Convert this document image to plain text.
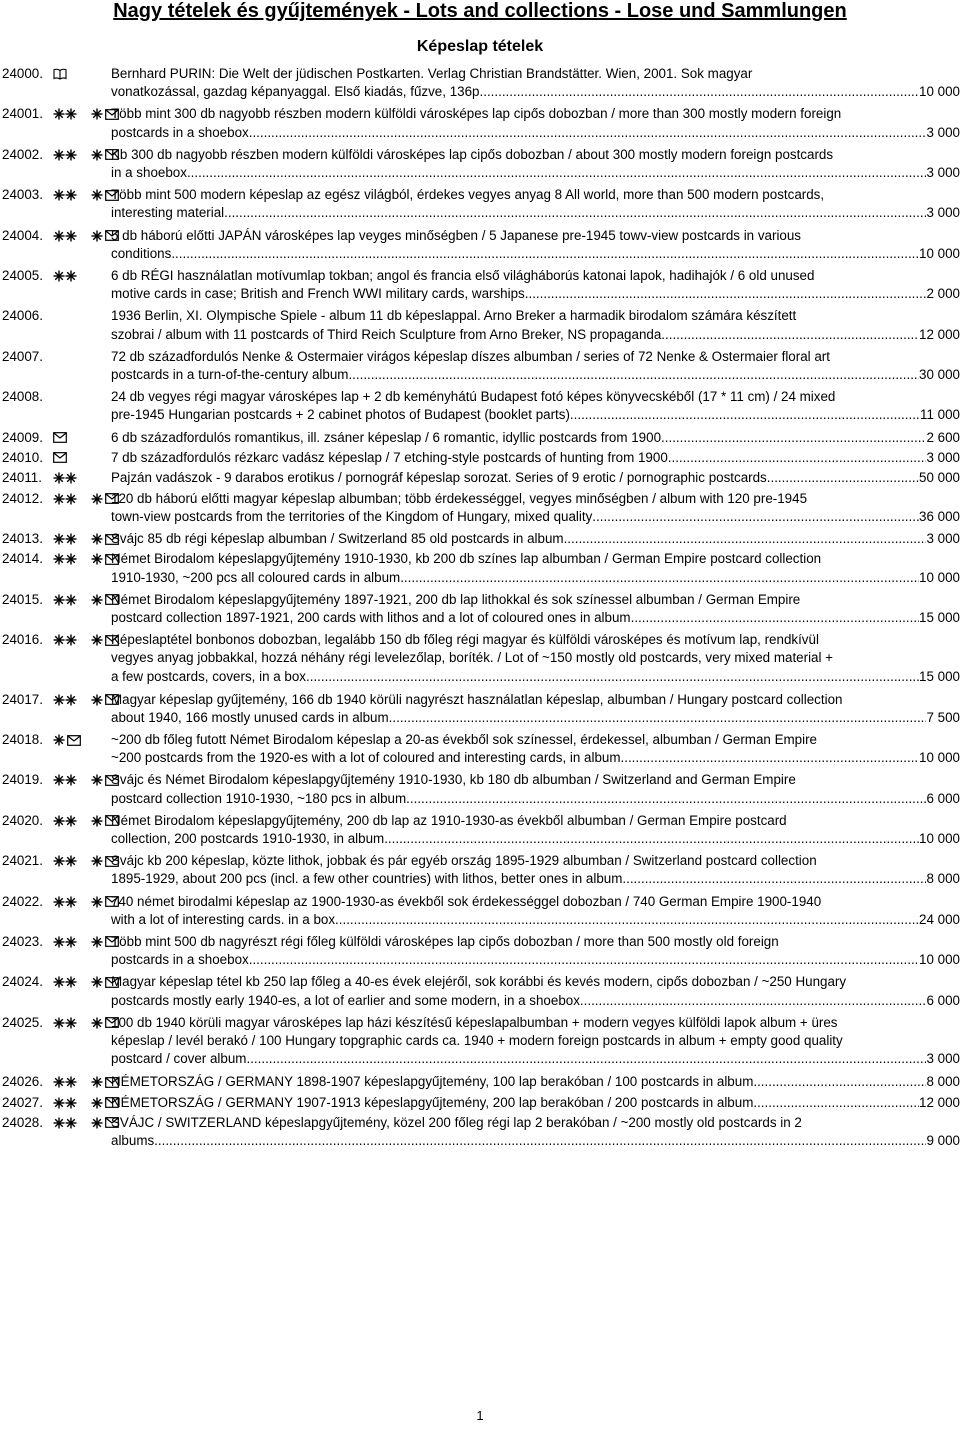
Nagy tételek és gyűjtemények - Lots and collections - Lose und Sammlungen
Képeslap tételek
24000.	Bernhard PURIN: Die Welt der jüdischen Postkarten. Verlag Christian Brandstätter. Wien, 2001. Sok magyar
vonatkozással, gazdag képanyaggal. Első kiadás, fűzve, 136p. .....	10 000
24001.	Több mint 300 db nagyobb részben modern külföldi városképes lap cipős dobozban / more than 300 mostly modern foreign
postcards in a shoebox .....	3 000
24002.	Kb 300 db nagyobb részben modern külföldi városképes lap cipős dobozban / about 300 mostly modern foreign postcards
in a shoebox .....	3 000
24003.	Több mint 500 modern képeslap az egész világból, érdekes vegyes anyag 8 All world, more than 500 modern postcards,
interesting material .....	3 000
24004.	5 db háború előtti JAPÁN városképes lap veyges minőségben / 5 Japanese pre-1945 towv-view postcards in various
conditions .....	10 000
24005.	6 db RÉGI használatlan motívumlap tokban; angol és francia első világháborús katonai lapok, hadihajók / 6 old unused
motive cards in case; British and French WWI military cards, warships .....	2 000
24006.	1936 Berlin, XI. Olympische Spiele - album 11 db képeslappal. Arno Breker a harmadik birodalom számára készített
szobrai / album with 11 postcards of Third Reich Sculpture from Arno Breker, NS propaganda .....	12 000
24007.	72 db századfordulós Nenke & Ostermaier virágos képeslap díszes albumban / series of 72 Nenke & Ostermaier floral art
postcards in a turn-of-the-century album .....	30 000
24008.	24 db vegyes régi magyar városképes lap + 2 db keményhátú Budapest fotó képes könyvecskéből (17 * 11 cm) / 24 mixed
pre-1945 Hungarian postcards + 2 cabinet photos of Budapest (booklet parts) .....	11 000
24009.	6 db századfordulós romantikus, ill. zsáner képeslap / 6 romantic, idyllic postcards from 1900 .....	2 600
24010.	7 db századfordulós rézkarc vadász képeslap / 7 etching-style postcards of hunting from 1900 .....	3 000
24011.	Pajzán vadászok - 9 darabos erotikus / pornográf képeslap sorozat. Series of 9 erotic / pornographic postcards .....	50 000
24012.	120 db háború előtti magyar képeslap albumban; több érdekességgel, vegyes minőségben / album with 120 pre-1945
town-view postcards from the territories of the Kingdom of Hungary, mixed quality .....	36 000
24013.	Svájc 85 db régi képeslap albumban / Switzerland 85 old postcards in album .....	3 000
24014.	Német Birodalom képeslapgyűjtemény 1910-1930, kb 200 db színes lap albumban / German Empire postcard collection
1910-1930, ~200 pcs all coloured cards in album .....	10 000
24015.	Német Birodalom képeslapgyűjtemény 1897-1921, 200 db lap lithokkal és sok színessel albumban / German Empire
postcard collection 1897-1921, 200 cards with lithos and a lot of coloured ones in album .....	15 000
24016.	Képeslaptétel bonbonos dobozban, legalább 150 db főleg régi magyar és külföldi városképes és motívum lap, rendkívül
vegyes anyag jobbakkal, hozzá néhány régi levelezőlap, boríték. / Lot of ~150 mostly old postcards, very mixed material +
a few postcards, covers, in a box. .....	15 000
24017.	Magyar képeslap gyűjtemény, 166 db 1940 körüli nagyrészt használatlan képeslap, albumban / Hungary postcard collection
about 1940, 166 mostly unused cards in album .....	7 500
24018.	~200 db főleg futott Német Birodalom képeslap a 20-as évekből sok színessel, érdekessel, albumban / German Empire
~200 postcards from the 1920-es with a lot of coloured and interesting cards, in album .....	10 000
24019.	Svájc és Német Birodalom képeslapgyűjtemény 1910-1930, kb 180 db albumban / Switzerland and German Empire
postcard collection 1910-1930, ~180 pcs in album .....	6 000
24020.	Német Birodalom képeslapgyűjtemény, 200 db lap az 1910-1930-as évekből albumban / German Empire postcard
collection, 200 postcards 1910-1930, in album .....	10 000
24021.	Svájc kb 200 képeslap, közte lithok, jobbak és pár egyéb ország 1895-1929 albumban / Switzerland postcard collection
1895-1929, about 200 pcs (incl. a few other countries) with lithos, better ones in album .....	8 000
24022.	740 német birodalmi képeslap az 1900-1930-as évekből sok érdekességgel dobozban / 740 German Empire 1900-1940
with a lot of interesting cards. in a box .....	24 000
24023.	Több mint 500 db nagyrészt régi főleg külföldi városképes lap cipős dobozban / more than 500 mostly old foreign
postcards in a shoebox .....	10 000
24024.	Magyar képeslap tétel kb 250 lap főleg a 40-es évek elejéről, sok korábbi és kevés modern, cipős dobozban / ~250 Hungary
postcards mostly early 1940-es, a lot of earlier and some modern, in a shoebox. .....	6 000
24025.	100 db 1940 körüli magyar városképes lap házi készítésű képeslapalbumban + modern vegyes külföldi lapok album + üres
képeslap / levél berakó / 100 Hungary topgraphic cards ca. 1940 + modern foreign postcards in album + empty good quality
postcard / cover album .....	3 000
24026.	NÉMETORSZÁG / GERMANY 1898-1907 képeslapgyűjtemény, 100 lap berakóban / 100 postcards in album .....	8 000
24027.	NÉMETORSZÁG / GERMANY 1907-1913 képeslapgyűjtemény, 200 lap berakóban / 200 postcards in album .....	12 000
24028.	SVÁJC / SWITZERLAND képeslapgyűjtemény, közel 200 főleg régi lap 2 berakóban / ~200 mostly old postcards in 2
albums .....	9 000
1
